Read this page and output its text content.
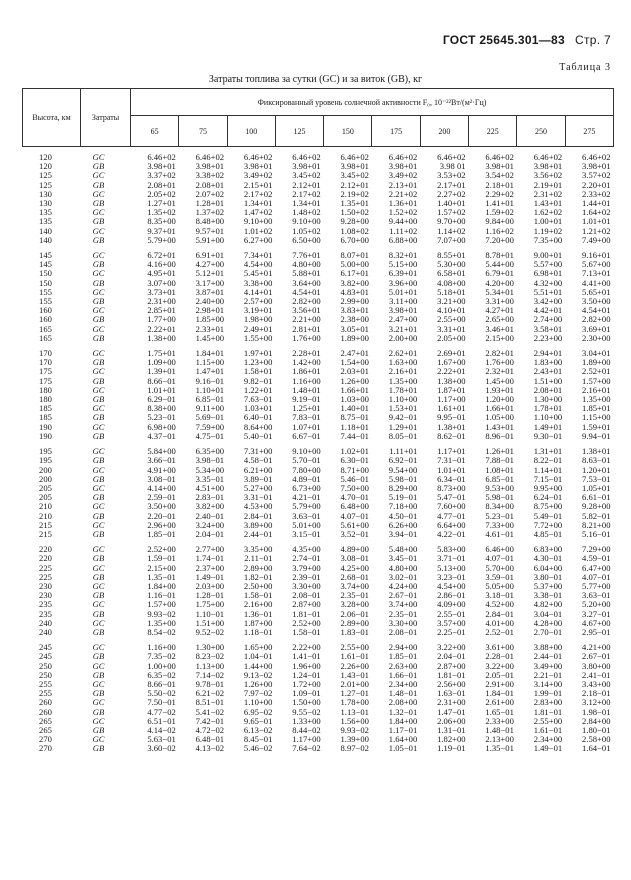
ГОСТ 25645.301—83 Стр. 7
Таблица 3
Затраты топлива за сутки (GC) и за виток (GB), кг
Высота, км	Затраты	Фиксированный уровень солнечной активности F₀, 10⁻²²Вт/(м²·Гц)									
		65	75	100	125	150	175	200	225	250	275

120	GC	6.46+02	6.46+02	6.46+02	6.46+02	6.46+02	6.46+02	6.46+02	6.46+02	6.46+02	6.46+02
120	GB	3.98+01	3.98+01	3.98+01	3.98+01	3.98+01	3.98+01	3.98 01	3.98+01	3.98+01	3.98+01
125	GC	3.37+02	3.38+02	3.49+02	3.45+02	3.45+02	3.49+02	3.53+02	3.54+02	3.56+02	3.57+02
125	GB	2.08+01	2.08+01	2.15+01	2.12+01	2.12+01	2.13+01	2.17+01	2.18+01	2.19+01	2.20+01
130	GC	2.05+02	2.07+02	2.17+02	2.17+02	2.19+02	2.21+02	2.27+02	2.29+02	2.31+02	2.33+02
130	GB	1.27+01	1.28+01	1.34+01	1.34+01	1.35+01	1.36+01	1.40+01	1.41+01	1.43+01	1.44+01
135	GC	1.35+02	1.37+02	1.47+02	1.48+02	1.50+02	1.52+02	1.57+02	1.59+02	1.62+02	1.64+02
135	GB	8.35+00	8.48+00	9.10+00	9.10+00	9.28+00	9.44+00	9.70+00	9.84+00	1.00+01	1.01+01
140	GC	9.37+01	9.57+01	1.01+02	1.05+02	1.08+02	1.11+02	1.14+02	1.16+02	1.19+02	1.21+02
140	GB	5.79+00	5.91+00	6.27+00	6.50+00	6.70+00	6.88+00	7.07+00	7.20+00	7.35+00	7.49+00

145	GC	6.72+01	6.91+01	7.34+01	7.76+01	8.07+01	8.32+01	8.55+01	8.78+01	9.00+01	9.16+01
145	GB	4.16+00	4.27+00	4.54+00	4.80+00	5.00+00	5.15+00	5.30+00	5.44+00	5.57+00	5.67+00
150	GC	4.95+01	5.12+01	5.45+01	5.88+01	6.17+01	6.39+01	6.58+01	6.79+01	6.98+01	7.13+01
150	GB	3.07+00	3.17+00	3.38+00	3.64+00	3.82+00	3.96+00	4.08+00	4.20+00	4.32+00	4.41+00
155	GC	3.73+01	3.87+01	4.14+01	4.54+01	4.83+01	5.01+01	5.18+01	5.34+01	5.51+01	5.65+01
155	GB	2.31+00	2.40+00	2.57+00	2.82+00	2.99+00	3.11+00	3.21+00	3.31+00	3.42+00	3.50+00
160	GC	2.85+01	2.98+01	3.19+01	3.56+01	3.83+01	3.98+01	4.10+01	4.27+01	4.42+01	4.54+01
160	GB	1.77+00	1.85+00	1.98+00	2.21+00	2.38+00	2.47+00	2.55+00	2.65+00	2.74+00	2.82+00
165	GC	2.22+01	2.33+01	2.49+01	2.81+01	3.05+01	3.21+01	3.31+01	3.46+01	3.58+01	3.69+01
165	GB	1.38+00	1.45+00	1.55+00	1.76+00	1.89+00	2.00+00	2.05+00	2.15+00	2.23+00	2.30+00

170	GC	1.75+01	1.84+01	1.97+01	2.28+01	2.47+01	2.62+01	2.69+01	2.82+01	2.94+01	3.04+01
170	GB	1.09+00	1.15+00	1.23+00	1.42+00	1.54+00	1.63+00	1.67+00	1.76+00	1.83+00	1.89+00
175	GC	1.39+01	1.47+01	1.58+01	1.86+01	2.03+01	2.16+01	2.22+01	2.32+01	2.43+01	2.52+01
175	GB	8.66−01	9.16−01	9.82−01	1.16+00	1.26+00	1.35+00	1.38+00	1.45+00	1.51+00	1.57+00
180	GC	1.01+01	1.10+01	1.22+01	1.48+01	1.66+01	1.78+01	1.87+01	1.93+01	2.08+01	2.16+01
180	GB	6.29−01	6.85−01	7.63−01	9.19−01	1.03+00	1.10+00	1.17+00	1.20+00	1.30+00	1.35+00
185	GC	8.38+00	9.11+00	1.03+01	1.25+01	1.40+01	1.53+01	1.61+01	1.66+01	1.78+01	1.85+01
185	GB	5.23−01	5.69−01	6.40−01	7.83−01	8.75−01	9.42−01	9.95−01	1.05+00	1.10+00	1.15+00
190	GC	6.98+00	7.59+00	8.64+00	1.07+01	1.18+01	1.29+01	1.38+01	1.43+01	1.49+01	1.59+01
190	GB	4.37−01	4.75−01	5.40−01	6.67−01	7.44−01	8.05−01	8.62−01	8.96−01	9.30−01	9.94−01

195	GC	5.84+00	6.35+00	7.31+00	9.10+00	1.02+01	1.11+01	1.17+01	1.26+01	1.31+01	1.38+01
195	GB	3.66−01	3.98−01	4.58−01	5.70−01	6.30−01	6.92−01	7.31−01	7.88−01	8.22−01	8.63−01
200	GC	4.91+00	5.34+00	6.21+00	7.80+00	8.71+00	9.54+00	1.01+01	1.08+01	1.14+01	1.20+01
200	GB	3.08−01	3.35−01	3.89−01	4.89−01	5.46−01	5.98−01	6.34−01	6.85−01	7.15−01	7.53−01
205	GC	4.14+00	4.51+00	5.27+00	6.73+00	7.50+00	8.29+00	8.73+00	9.53+00	9.95+00	1.05+01
205	GB	2.59−01	2.83−01	3.31−01	4.21−01	4.70−01	5.19−01	5.47−01	5.98−01	6.24−01	6.61−01
210	GC	3.50+00	3.82+00	4.53+00	5.79+00	6.48+00	7.18+00	7.60+00	8.34+00	8.75+00	9.28+00
210	GB	2.20−01	2.40−01	2.84−01	3.63−01	4.07−01	4.50−01	4.77−01	5.23−01	5.49−01	5.82−01
215	GC	2.96+00	3.24+00	3.89+00	5.01+00	5.61+00	6.26+00	6.64+00	7.33+00	7.72+00	8.21+00
215	GB	1.85−01	2.04−01	2.44−01	3.15−01	3.52−01	3.94−01	4.22−01	4.61−01	4.85−01	5.16−01

220	GC	2.52+00	2.77+00	3.35+00	4.35+00	4.89+00	5.48+00	5.83+00	6.46+00	6.83+00	7.29+00
220	GB	1.59−01	1.74−01	2.11−01	2.74−01	3.08−01	3.45−01	3.71−01	4.07−01	4.30−01	4.59−01
225	GC	2.15+00	2.37+00	2.89+00	3.79+00	4.25+00	4.80+00	5.13+00	5.70+00	6.04+00	6.47+00
225	GB	1.35−01	1.49−01	1.82−01	2.39−01	2.68−01	3.02−01	3.23−01	3.59−01	3.80−01	4.07−01
230	GC	1.84+00	2.03+00	2.50+00	3.30+00	3.74+00	4.24+00	4.54+00	5.05+00	5.37+00	5.77+00
230	GB	1.16−01	1.28−01	1.58−01	2.08−01	2.35−01	2.67−01	2.86−01	3.18−01	3.38−01	3.63−01
235	GC	1.57+00	1.75+00	2.16+00	2.87+00	3.28+00	3.74+00	4.09+00	4.52+00	4.82+00	5.20+00
235	GB	9.93−02	1.10−01	1.36−01	1.81−01	2.06−01	2.35−01	2.55−01	2.84−01	3.04−01	3.27−01
240	GC	1.35+00	1.51+00	1.87+00	2.52+00	2.89+00	3.30+00	3.57+00	4.01+00	4.28+00	4.67+00
240	GB	8.54−02	9.52−02	1.18−01	1.58−01	1.83−01	2.08−01	2.25−01	2.52−01	2.70−01	2.95−01

245	GC	1.16+00	1.30+00	1.65+00	2.22+00	2.55+00	2.94+00	3.22+00	3.61+00	3.88+00	4.21+00
245	GB	7.35−02	8.23−02	1.04−01	1.41−01	1.61−01	1.85−01	2.04−01	2.28−01	2.44−01	2.67−01
250	GC	1.00+00	1.13+00	1.44+00	1.96+00	2.26+00	2.63+00	2.87+00	3.22+00	3.49+00	3.80+00
250	GB	6.35−02	7.14−02	9.13−02	1.24−01	1.43−01	1.66−01	1.81−01	2.05−01	2.21−01	2.41−01
255	GC	8.66−01	9.78−01	1.26+00	1.72+00	2.01+00	2.34+00	2.56+00	2.91+00	3.14+00	3.43+00
255	GB	5.50−02	6.21−02	7.97−02	1.09−01	1.27−01	1.48−01	1.63−01	1.84−01	1.99−01	2.18−01
260	GC	7.50−01	8.51−01	1.10+00	1.50+00	1.78+00	2.08+00	2.31+00	2.61+00	2.83+00	3.12+00
260	GB	4.77−02	5.41−02	6.95−02	9.55−02	1.13−01	1.32−01	1.47−01	1.65−01	1.81−01	1.98−01
265	GC	6.51−01	7.42−01	9.65−01	1.33+00	1.56+00	1.84+00	2.06+00	2.33+00	2.55+00	2.84+00
265	GB	4.14−02	4.72−02	6.13−02	8.44−02	9.93−02	1.17−01	1.31−01	1.48−01	1.61−01	1.80−01
270	GC	5.63−01	6.48−01	8.45−01	1.17+00	1.39+00	1.64+00	1.82+00	2.13+00	2.34+00	2.58+00
270	GB	3.60−02	4.13−02	5.46−02	7.64−02	8.97−02	1.05−01	1.19−01	1.35−01	1.49−01	1.64−01
